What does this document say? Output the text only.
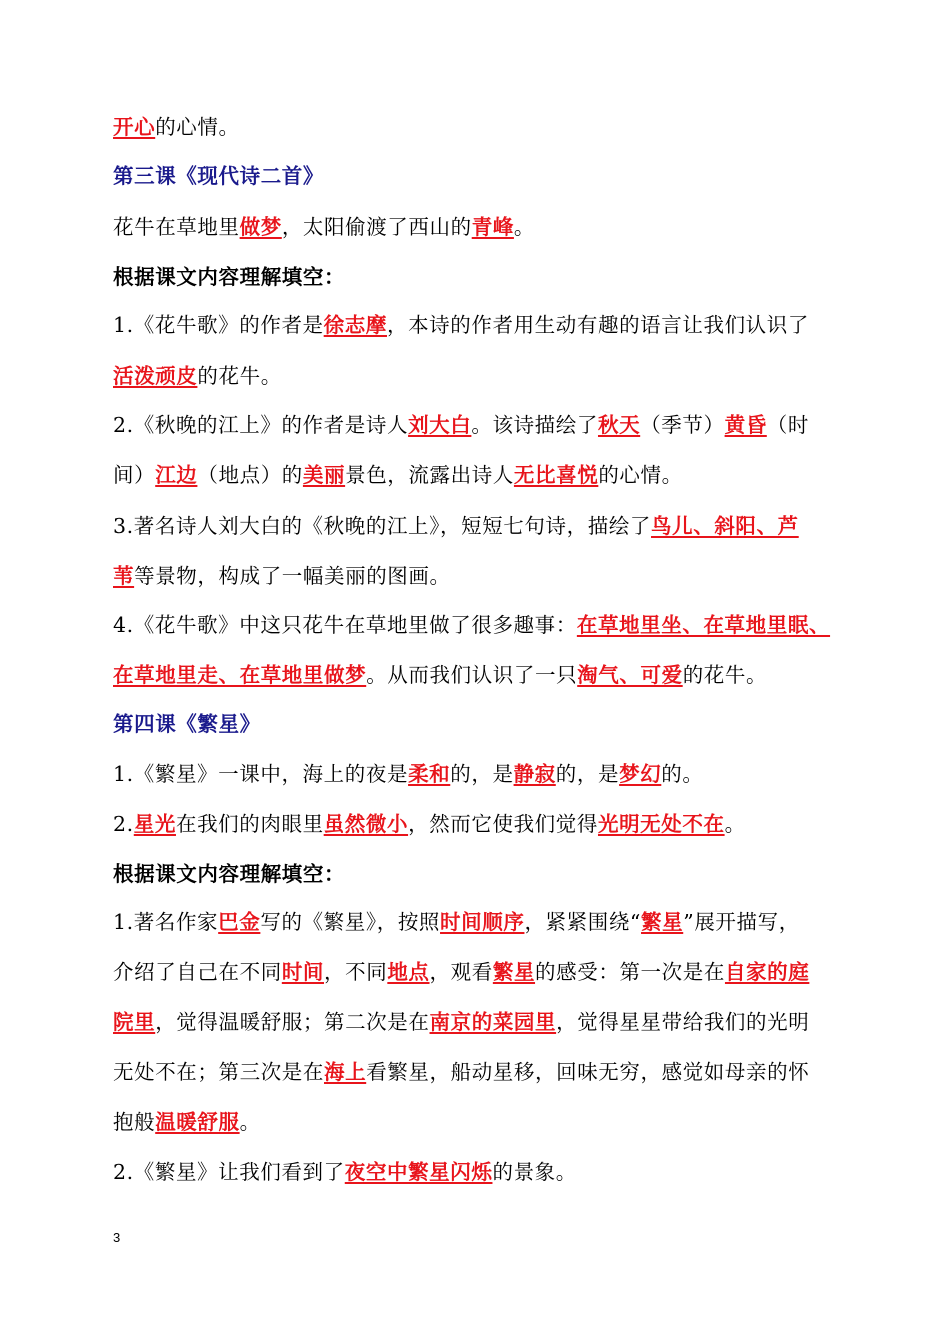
开心的心情。
第三课《现代诗二首》
花牛在草地里做梦，太阳偷渡了西山的青峰。
根据课文内容理解填空：
1.《花牛歌》的作者是徐志摩，本诗的作者用生动有趣的语言让我们认识了
活泼顽皮的花牛。
2.《秋晚的江上》的作者是诗人刘大白。该诗描绘了秋天（季节）黄昏（时
间）江边（地点）的美丽景色，流露出诗人无比喜悦的心情。
3.著名诗人刘大白的《秋晚的江上》，短短七句诗，描绘了鸟儿、斜阳、芦
苇等景物，构成了一幅美丽的图画。
4.《花牛歌》中这只花牛在草地里做了很多趣事：在草地里坐、在草地里眠、
在草地里走、在草地里做梦。从而我们认识了一只淘气、可爱的花牛。
第四课《繁星》
1.《繁星》一课中，海上的夜是柔和的，是静寂的，是梦幻的。
2.星光在我们的肉眼里虽然微小，然而它使我们觉得光明无处不在。
根据课文内容理解填空：
1.著名作家巴金写的《繁星》，按照时间顺序，紧紧围绕“繁星”展开描写，
介绍了自己在不同时间，不同地点，观看繁星的感受：第一次是在自家的庭
院里，觉得温暖舒服；第二次是在南京的菜园里，觉得星星带给我们的光明
无处不在；第三次是在海上看繁星，船动星移，回味无穷，感觉如母亲的怀
抱般温暖舒服。
2.《繁星》让我们看到了夜空中繁星闪烁的景象。
3
